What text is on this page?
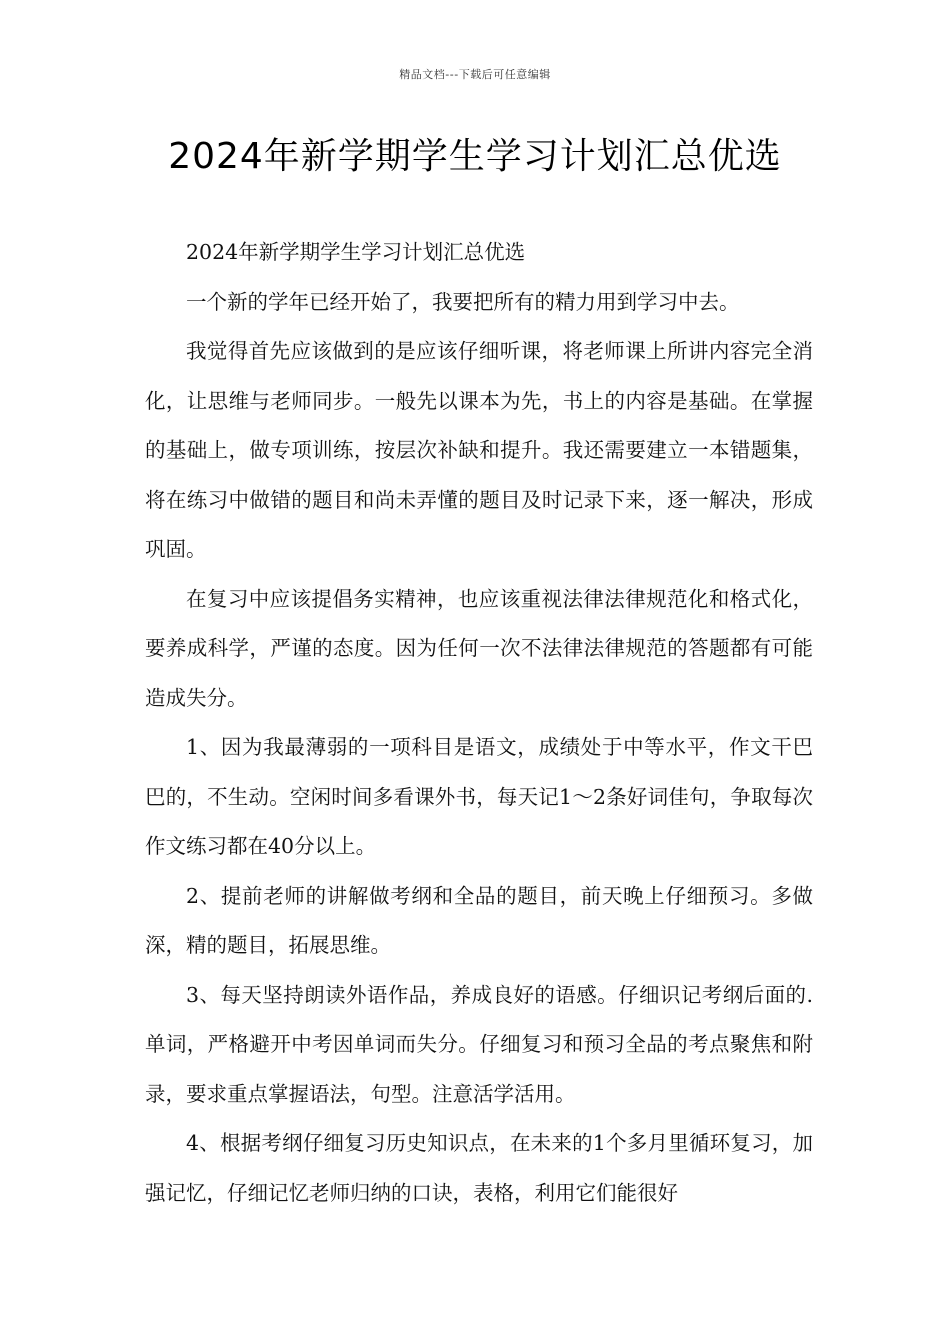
精品文档---下载后可任意编辑
2024年新学期学生学习计划汇总优选

2024年新学期学生学习计划汇总优选

一个新的学年已经开始了，我要把所有的精力用到学习中去。

我觉得首先应该做到的是应该仔细听课，将老师课上所讲内容完全消化，让思维与老师同步。一般先以课本为先，书上的内容是基础。在掌握的基础上，做专项训练，按层次补缺和提升。我还需要建立一本错题集，将在练习中做错的题目和尚未弄懂的题目及时记录下来，逐一解决，形成巩固。

在复习中应该提倡务实精神，也应该重视法律法律规范化和格式化，要养成科学，严谨的态度。因为任何一次不法律法律规范的答题都有可能造成失分。

1、因为我最薄弱的一项科目是语文，成绩处于中等水平，作文干巴巴的，不生动。空闲时间多看课外书，每天记1～2条好词佳句，争取每次作文练习都在40分以上。

2、提前老师的讲解做考纲和全品的题目，前天晚上仔细预习。多做深，精的题目，拓展思维。

3、每天坚持朗读外语作品，养成良好的语感。仔细识记考纲后面的.单词，严格避开中考因单词而失分。仔细复习和预习全品的考点聚焦和附录，要求重点掌握语法，句型。注意活学活用。

4、根据考纲仔细复习历史知识点，在未来的1个多月里循环复习，加强记忆，仔细记忆老师归纳的口诀，表格，利用它们能很好
